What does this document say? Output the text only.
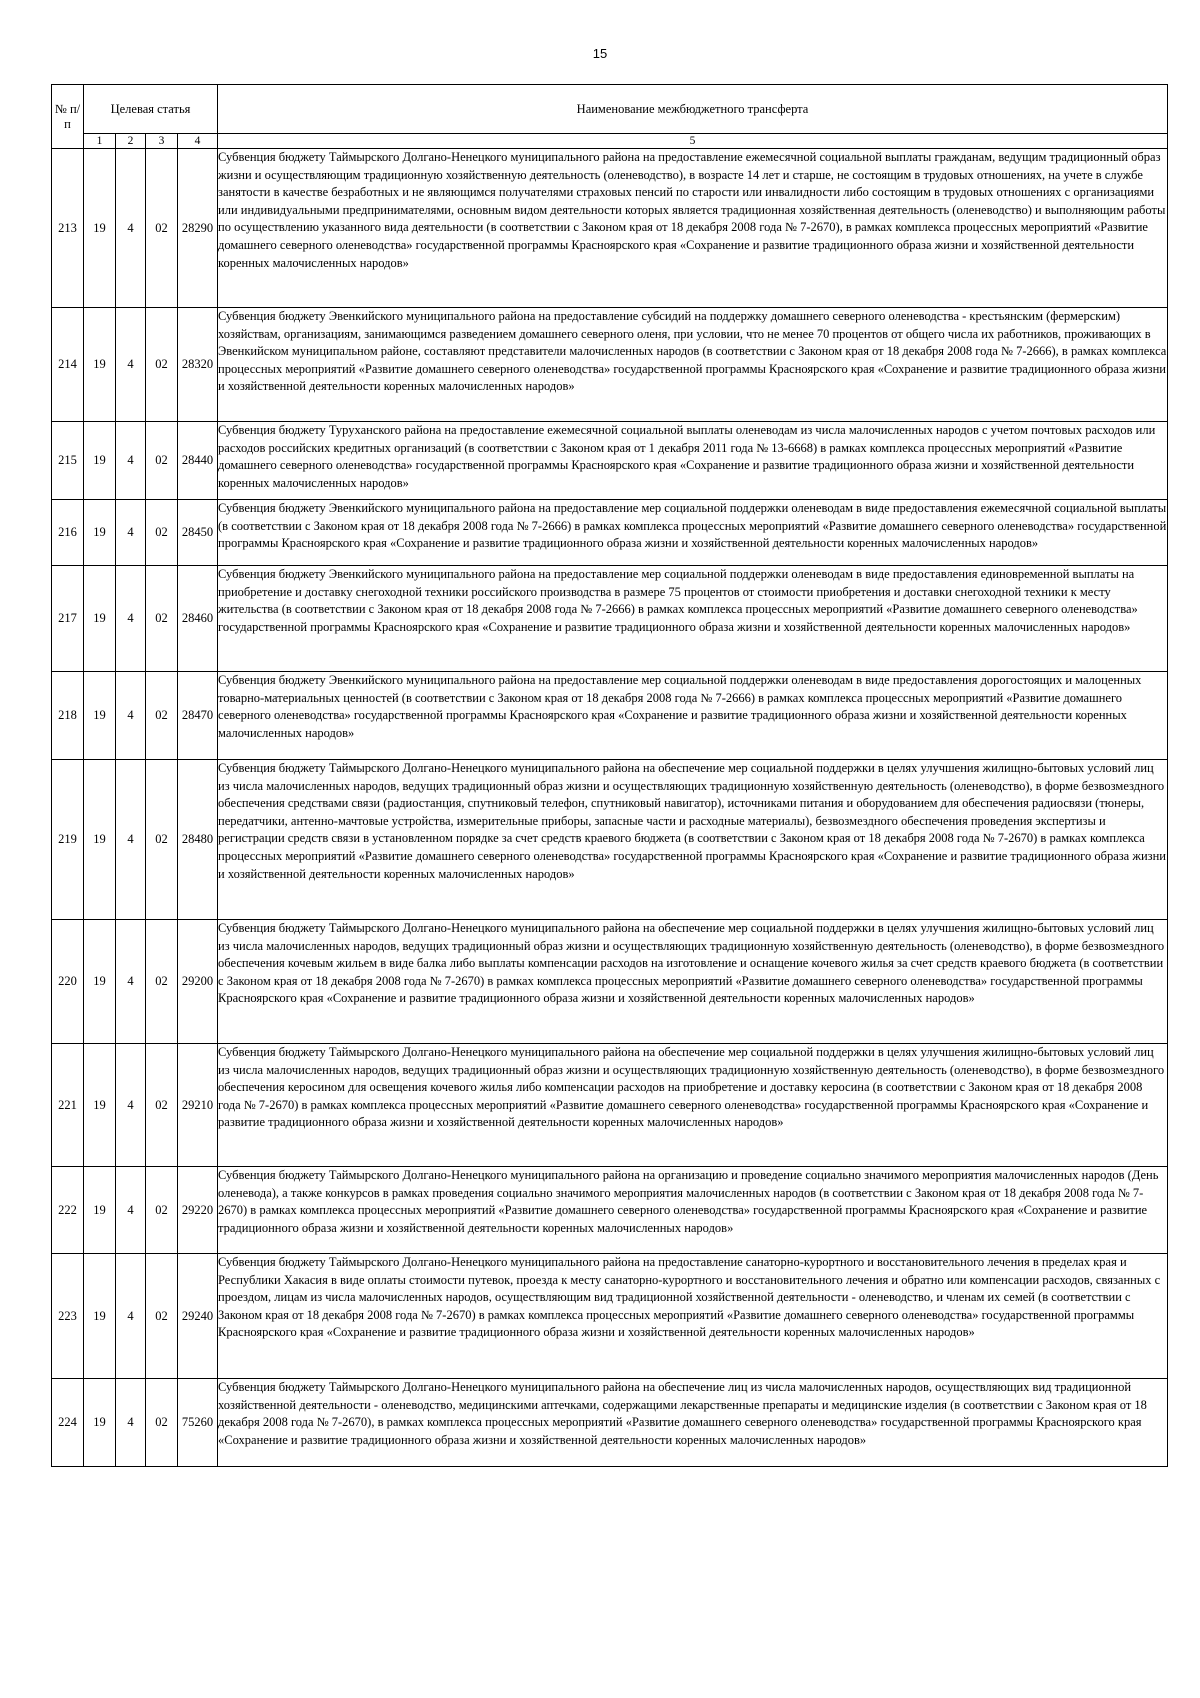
15
№ п/п	Целевая статья				Наименование межбюджетного трансферта
	1	2	3	4	5
213	19	4	02	28290	Субвенция бюджету Таймырского Долгано-Ненецкого муниципального района на предоставление ежемесячной социальной выплаты гражданам, ведущим традиционный образ жизни и осуществляющим традиционную хозяйственную деятельность (оленеводство), в возрасте 14 лет и старше, не состоящим в трудовых отношениях, на учете в службе занятости в качестве безработных и не являющимся получателями страховых пенсий по старости или инвалидности либо состоящим в трудовых отношениях с организациями или индивидуальными предпринимателями, основным видом деятельности которых является традиционная хозяйственная деятельность (оленеводство) и выполняющим работы по осуществлению указанного вида деятельности (в соответствии с Законом края от 18 декабря 2008 года № 7-2670), в рамках комплекса процессных мероприятий «Развитие домашнего северного оленеводства» государственной программы Красноярского края «Сохранение и развитие традиционного образа жизни и хозяйственной деятельности коренных малочисленных народов»
214	19	4	02	28320	Субвенция бюджету Эвенкийского муниципального района на предоставление субсидий на поддержку домашнего северного оленеводства - крестьянским (фермерским) хозяйствам, организациям, занимающимся разведением домашнего северного оленя, при условии, что не менее 70 процентов от общего числа их работников, проживающих в Эвенкийском муниципальном районе, составляют представители малочисленных народов (в соответствии с Законом края от 18 декабря 2008 года № 7-2666), в рамках комплекса процессных мероприятий «Развитие домашнего северного оленеводства» государственной программы Красноярского края «Сохранение и развитие традиционного образа жизни и хозяйственной деятельности коренных малочисленных народов»
215	19	4	02	28440	Субвенция бюджету Туруханского района на предоставление ежемесячной социальной выплаты оленеводам из числа малочисленных народов с учетом почтовых расходов или расходов российских кредитных организаций (в соответствии с Законом края от 1 декабря 2011 года № 13-6668) в рамках комплекса процессных мероприятий «Развитие домашнего северного оленеводства» государственной программы Красноярского края «Сохранение и развитие традиционного образа жизни и хозяйственной деятельности коренных малочисленных народов»
216	19	4	02	28450	Субвенция бюджету Эвенкийского муниципального района на предоставление мер социальной поддержки оленеводам в виде предоставления ежемесячной социальной выплаты (в соответствии с Законом края от 18 декабря 2008 года № 7-2666) в рамках комплекса процессных мероприятий «Развитие домашнего северного оленеводства» государственной программы Красноярского края «Сохранение и развитие традиционного образа жизни и хозяйственной деятельности коренных малочисленных народов»
217	19	4	02	28460	Субвенция бюджету Эвенкийского муниципального района на предоставление мер социальной поддержки оленеводам в виде предоставления единовременной выплаты на приобретение и доставку снегоходной техники российского производства в размере 75 процентов от стоимости приобретения и доставки снегоходной техники к месту жительства (в соответствии с Законом края от 18 декабря 2008 года № 7-2666) в рамках комплекса процессных мероприятий «Развитие домашнего северного оленеводства» государственной программы Красноярского края «Сохранение и развитие традиционного образа жизни и хозяйственной деятельности коренных малочисленных народов»
218	19	4	02	28470	Субвенция бюджету Эвенкийского муниципального района на предоставление мер социальной поддержки оленеводам в виде предоставления дорогостоящих и малоценных товарно-материальных ценностей (в соответствии с Законом края от 18 декабря 2008 года № 7-2666) в рамках комплекса процессных мероприятий «Развитие домашнего северного оленеводства» государственной программы Красноярского края «Сохранение и развитие традиционного образа жизни и хозяйственной деятельности коренных малочисленных народов»
219	19	4	02	28480	Субвенция бюджету Таймырского Долгано-Ненецкого муниципального района на обеспечение мер социальной поддержки в целях улучшения жилищно-бытовых условий лиц из числа малочисленных народов, ведущих традиционный образ жизни и осуществляющих традиционную хозяйственную деятельность (оленеводство), в форме безвозмездного обеспечения средствами связи (радиостанция, спутниковый телефон, спутниковый навигатор), источниками питания и оборудованием для обеспечения радиосвязи (тюнеры, передатчики, антенно-мачтовые устройства, измерительные приборы, запасные части и расходные материалы), безвозмездного обеспечения проведения экспертизы и регистрации средств связи в установленном порядке за счет средств краевого бюджета (в соответствии с Законом края от 18 декабря 2008 года № 7-2670) в рамках комплекса процессных мероприятий «Развитие домашнего северного оленеводства» государственной программы Красноярского края «Сохранение и развитие традиционного образа жизни и хозяйственной деятельности коренных малочисленных народов»
220	19	4	02	29200	Субвенция бюджету Таймырского Долгано-Ненецкого муниципального района на обеспечение мер социальной поддержки в целях улучшения жилищно-бытовых условий лиц из числа малочисленных народов, ведущих традиционный образ жизни и осуществляющих традиционную хозяйственную деятельность (оленеводство), в форме безвозмездного обеспечения кочевым жильем в виде балка либо выплаты компенсации расходов на изготовление и оснащение кочевого жилья за счет средств краевого бюджета (в соответствии с Законом края от 18 декабря 2008 года № 7-2670) в рамках комплекса процессных мероприятий «Развитие домашнего северного оленеводства» государственной программы Красноярского края «Сохранение и развитие традиционного образа жизни и хозяйственной деятельности коренных малочисленных народов»
221	19	4	02	29210	Субвенция бюджету Таймырского Долгано-Ненецкого муниципального района на обеспечение мер социальной поддержки в целях улучшения жилищно-бытовых условий лиц из числа малочисленных народов, ведущих традиционный образ жизни и осуществляющих традиционную хозяйственную деятельность (оленеводство), в форме безвозмездного обеспечения керосином для освещения кочевого жилья либо компенсации расходов на приобретение и доставку керосина (в соответствии с Законом края от 18 декабря 2008 года № 7-2670) в рамках комплекса процессных мероприятий «Развитие домашнего северного оленеводства» государственной программы Красноярского края «Сохранение и развитие традиционного образа жизни и хозяйственной деятельности коренных малочисленных народов»
222	19	4	02	29220	Субвенция бюджету Таймырского Долгано-Ненецкого муниципального района на организацию и проведение социально значимого мероприятия малочисленных народов (День оленевода), а также конкурсов в рамках проведения социально значимого мероприятия малочисленных народов (в соответствии с Законом края от 18 декабря 2008 года № 7-2670) в рамках комплекса процессных мероприятий «Развитие домашнего северного оленеводства» государственной программы Красноярского края «Сохранение и развитие традиционного образа жизни и хозяйственной деятельности коренных малочисленных народов»
223	19	4	02	29240	Субвенция бюджету Таймырского Долгано-Ненецкого муниципального района на предоставление санаторно-курортного и восстановительного лечения в пределах края и Республики Хакасия в виде оплаты стоимости путевок, проезда к месту санаторно-курортного и восстановительного лечения и обратно или компенсации расходов, связанных с проездом, лицам из числа малочисленных народов, осуществляющим вид традиционной хозяйственной деятельности - оленеводство, и членам их семей (в соответствии с Законом края от 18 декабря 2008 года № 7-2670) в рамках комплекса процессных мероприятий «Развитие домашнего северного оленеводства» государственной программы Красноярского края «Сохранение и развитие традиционного образа жизни и хозяйственной деятельности коренных малочисленных народов»
224	19	4	02	75260	Субвенция бюджету Таймырского Долгано-Ненецкого муниципального района на обеспечение лиц из числа малочисленных народов, осуществляющих вид традиционной хозяйственной деятельности - оленеводство, медицинскими аптечками, содержащими лекарственные препараты и медицинские изделия (в соответствии с Законом края от 18 декабря 2008 года № 7-2670), в рамках комплекса процессных мероприятий «Развитие домашнего северного оленеводства» государственной программы Красноярского края «Сохранение и развитие традиционного образа жизни и хозяйственной деятельности коренных малочисленных народов»
